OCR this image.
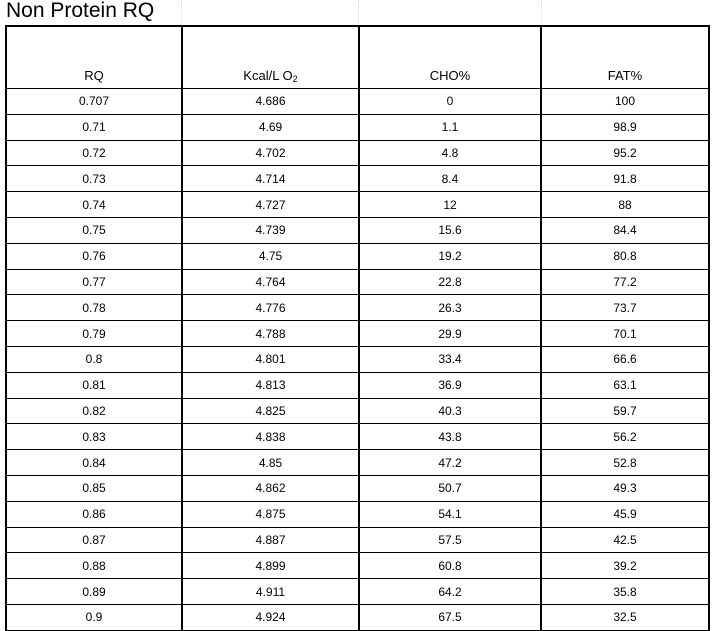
Non Protein RQ
RQ	Kcal/L $O_2$	CHO%	FAT%
0.707	4.686	0	100
0.71	4.69	1.1	98.9
0.72	4.702	4.8	95.2
0.73	4.714	8.4	91.8
0.74	4.727	12	88
0.75	4.739	15.6	84.4
0.76	4.75	19.2	80.8
0.77	4.764	22.8	77.2
0.78	4.776	26.3	73.7
0.79	4.788	29.9	70.1
0.8	4.801	33.4	66.6
0.81	4.813	36.9	63.1
0.82	4.825	40.3	59.7
0.83	4.838	43.8	56.2
0.84	4.85	47.2	52.8
0.85	4.862	50.7	49.3
0.86	4.875	54.1	45.9
0.87	4.887	57.5	42.5
0.88	4.899	60.8	39.2
0.89	4.911	64.2	35.8
0.9	4.924	67.5	32.5
